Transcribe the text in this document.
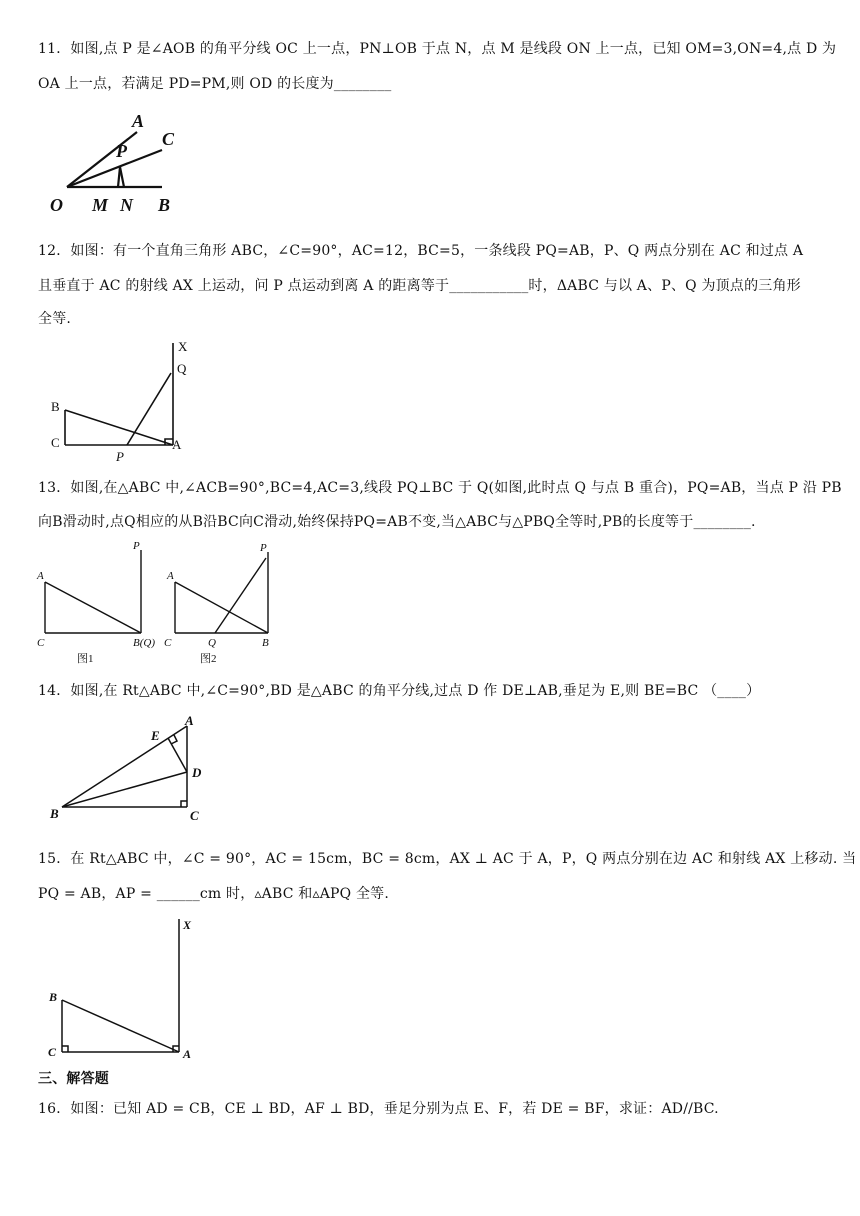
11．如图,点 P 是∠AOB 的角平分线 OC 上一点，PN⊥OB 于点 N，点 M 是线段 ON 上一点，已知 OM=3,ON=4,点 D 为
OA 上一点，若满足 PD=PM,则 OD 的长度为________
A
C
P
O M N B
12．如图：有一个直角三角形 ABC，∠C=90°，AC=12，BC=5，一条线段 PQ=AB，P、Q 两点分别在 AC 和过点 A
且垂直于 AC 的射线 AX 上运动，问 P 点运动到离 A 的距离等于___________时，ΔABC 与以 A、P、Q 为顶点的三角形
全等.
X
Q
B
C	A
P
13．如图,在△ABC 中,∠ACB=90°,BC=4,AC=3,线段 PQ⊥BC 于 Q(如图,此时点 Q 与点 B 重合)，PQ=AB，当点 P 沿 PB
向B滑动时,点Q相应的从B沿BC向C滑动,始终保持PQ=AB不变,当△ABC与△PBQ全等时,PB的长度等于________.
P
A
C	B(Q)
图1
P
A
C	Q	B
图2
14．如图,在 Rt△ABC 中,∠C=90°,BD 是△ABC 的角平分线,过点 D 作 DE⊥AB,垂足为 E,则 BE=BC （____）
A
E
D
B	C
15．在 Rt△ABC 中，∠C = 90°，AC = 15cm，BC = 8cm，AX ⊥ AC 于 A，P，Q 两点分别在边 AC 和射线 AX 上移动. 当
PQ = AB，AP = ______cm 时，▵ABC 和▵APQ 全等.
X
B
C	A
三、解答题
16．如图：已知 AD = CB，CE ⊥ BD，AF ⊥ BD，垂足分别为点 E、F，若 DE = BF，求证：AD//BC.
